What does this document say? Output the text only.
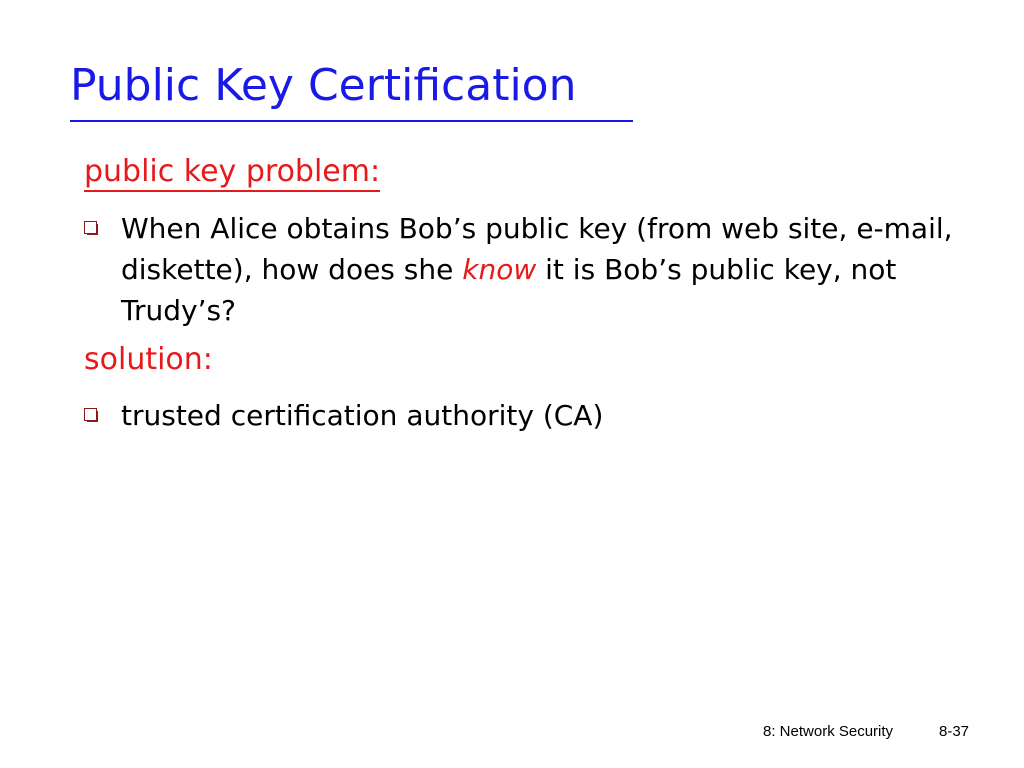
Public Key Certification
public key problem:
When Alice obtains Bob’s public key (from web site, e-mail, diskette), how does she know it is Bob’s public key, not Trudy’s?
solution:
trusted certification authority (CA)
8: Network Security	8-37
